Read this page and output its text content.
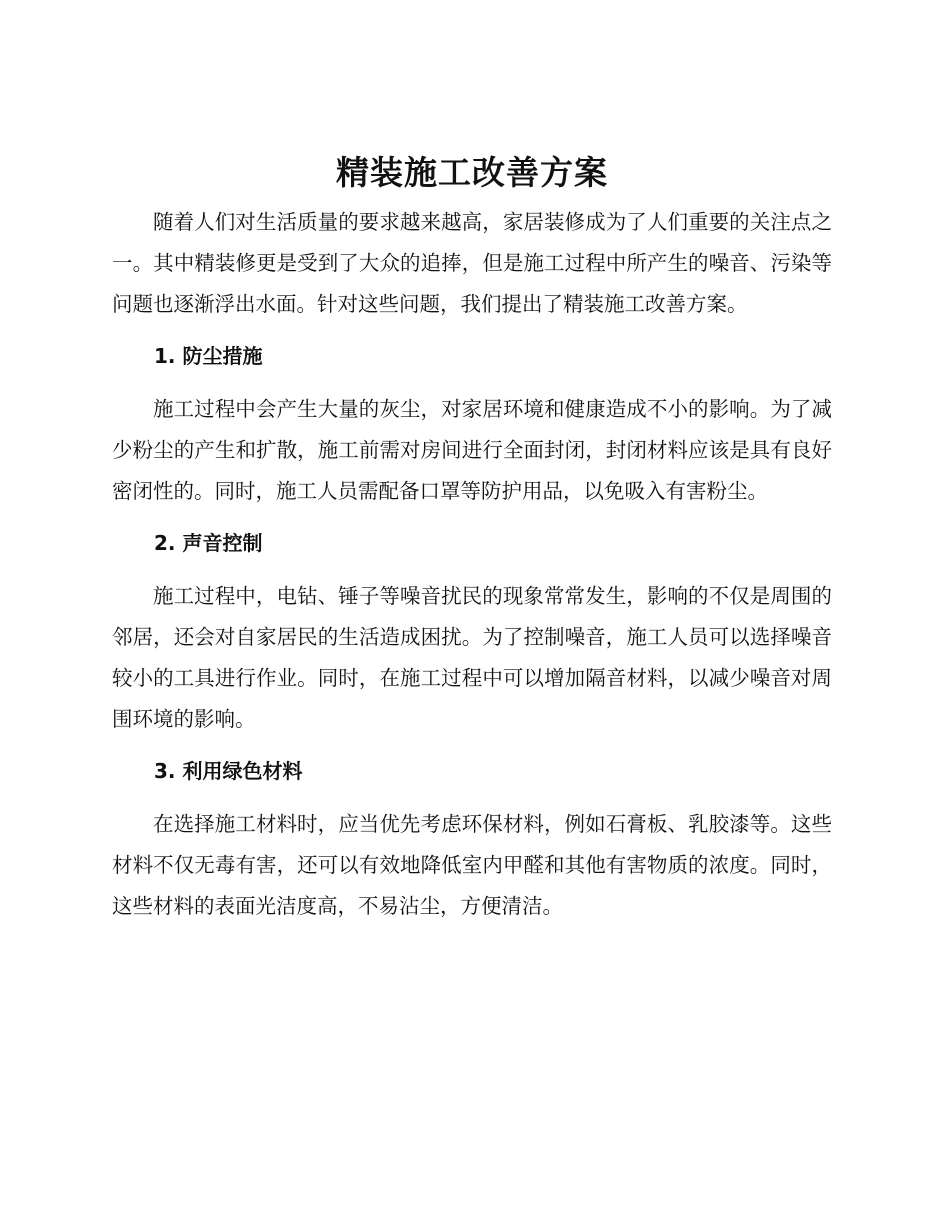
精装施工改善方案

随着人们对生活质量的要求越来越高，家居装修成为了人们重要的关注点之一。其中精装修更是受到了大众的追捧，但是施工过程中所产生的噪音、污染等问题也逐渐浮出水面。针对这些问题，我们提出了精装施工改善方案。

1. 防尘措施

施工过程中会产生大量的灰尘，对家居环境和健康造成不小的影响。为了减少粉尘的产生和扩散，施工前需对房间进行全面封闭，封闭材料应该是具有良好密闭性的。同时，施工人员需配备口罩等防护用品，以免吸入有害粉尘。

2. 声音控制

施工过程中，电钻、锤子等噪音扰民的现象常常发生，影响的不仅是周围的邻居，还会对自家居民的生活造成困扰。为了控制噪音，施工人员可以选择噪音较小的工具进行作业。同时，在施工过程中可以增加隔音材料，以减少噪音对周围环境的影响。

3. 利用绿色材料

在选择施工材料时，应当优先考虑环保材料，例如石膏板、乳胶漆等。这些材料不仅无毒有害，还可以有效地降低室内甲醛和其他有害物质的浓度。同时，这些材料的表面光洁度高，不易沾尘，方便清洁。
